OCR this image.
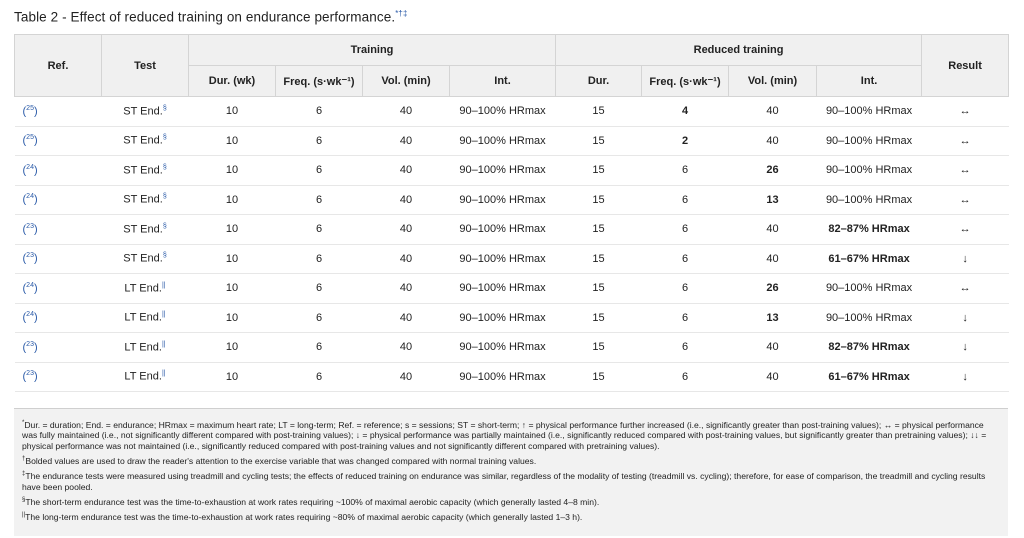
Table 2 - Effect of reduced training on endurance performance.*†‡
Ref.	Test	Training				Reduced training				Result
		Dur. (wk)	Freq. (s·wk⁻¹)	Vol. (min)	Int.	Dur.	Freq. (s·wk⁻¹)	Vol. (min)	Int.	
($^{25}$)	ST End.§	10	6	40	90–100% HRmax	15	4	40	90–100% HRmax	↔
($^{25}$)	ST End.§	10	6	40	90–100% HRmax	15	2	40	90–100% HRmax	↔
($^{24}$)	ST End.§	10	6	40	90–100% HRmax	15	6	26	90–100% HRmax	↔
($^{24}$)	ST End.§	10	6	40	90–100% HRmax	15	6	13	90–100% HRmax	↔
($^{23}$)	ST End.§	10	6	40	90–100% HRmax	15	6	40	82–87% HRmax	↔
($^{23}$)	ST End.§	10	6	40	90–100% HRmax	15	6	40	61–67% HRmax	↓
($^{24}$)	LT End.||	10	6	40	90–100% HRmax	15	6	26	90–100% HRmax	↔
($^{24}$)	LT End.||	10	6	40	90–100% HRmax	15	6	13	90–100% HRmax	↓
($^{23}$)	LT End.||	10	6	40	90–100% HRmax	15	6	40	82–87% HRmax	↓
($^{23}$)	LT End.||	10	6	40	90–100% HRmax	15	6	40	61–67% HRmax	↓

*Dur. = duration; End. = endurance; HRmax = maximum heart rate; LT = long-term; Ref. = reference; s = sessions; ST = short-term; ↑ = physical performance further increased (i.e., significantly greater than post-training values); ↔ = physical performance was fully maintained (i.e., not significantly different compared with post-training values); ↓ = physical performance was partially maintained (i.e., significantly reduced compared with post-training values, but significantly greater than pretraining values); ↓↓ = physical performance was not maintained (i.e., significantly reduced compared with post-training values and not significantly different compared with pretraining values).

†Bolded values are used to draw the reader's attention to the exercise variable that was changed compared with normal training values.

‡The endurance tests were measured using treadmill and cycling tests; the effects of reduced training on endurance was similar, regardless of the modality of testing (treadmill vs. cycling); therefore, for ease of comparison, the treadmill and cycling results have been pooled.

§The short-term endurance test was the time-to-exhaustion at work rates requiring ~100% of maximal aerobic capacity (which generally lasted 4–8 min).

||The long-term endurance test was the time-to-exhaustion at work rates requiring ~80% of maximal aerobic capacity (which generally lasted 1–3 h).
